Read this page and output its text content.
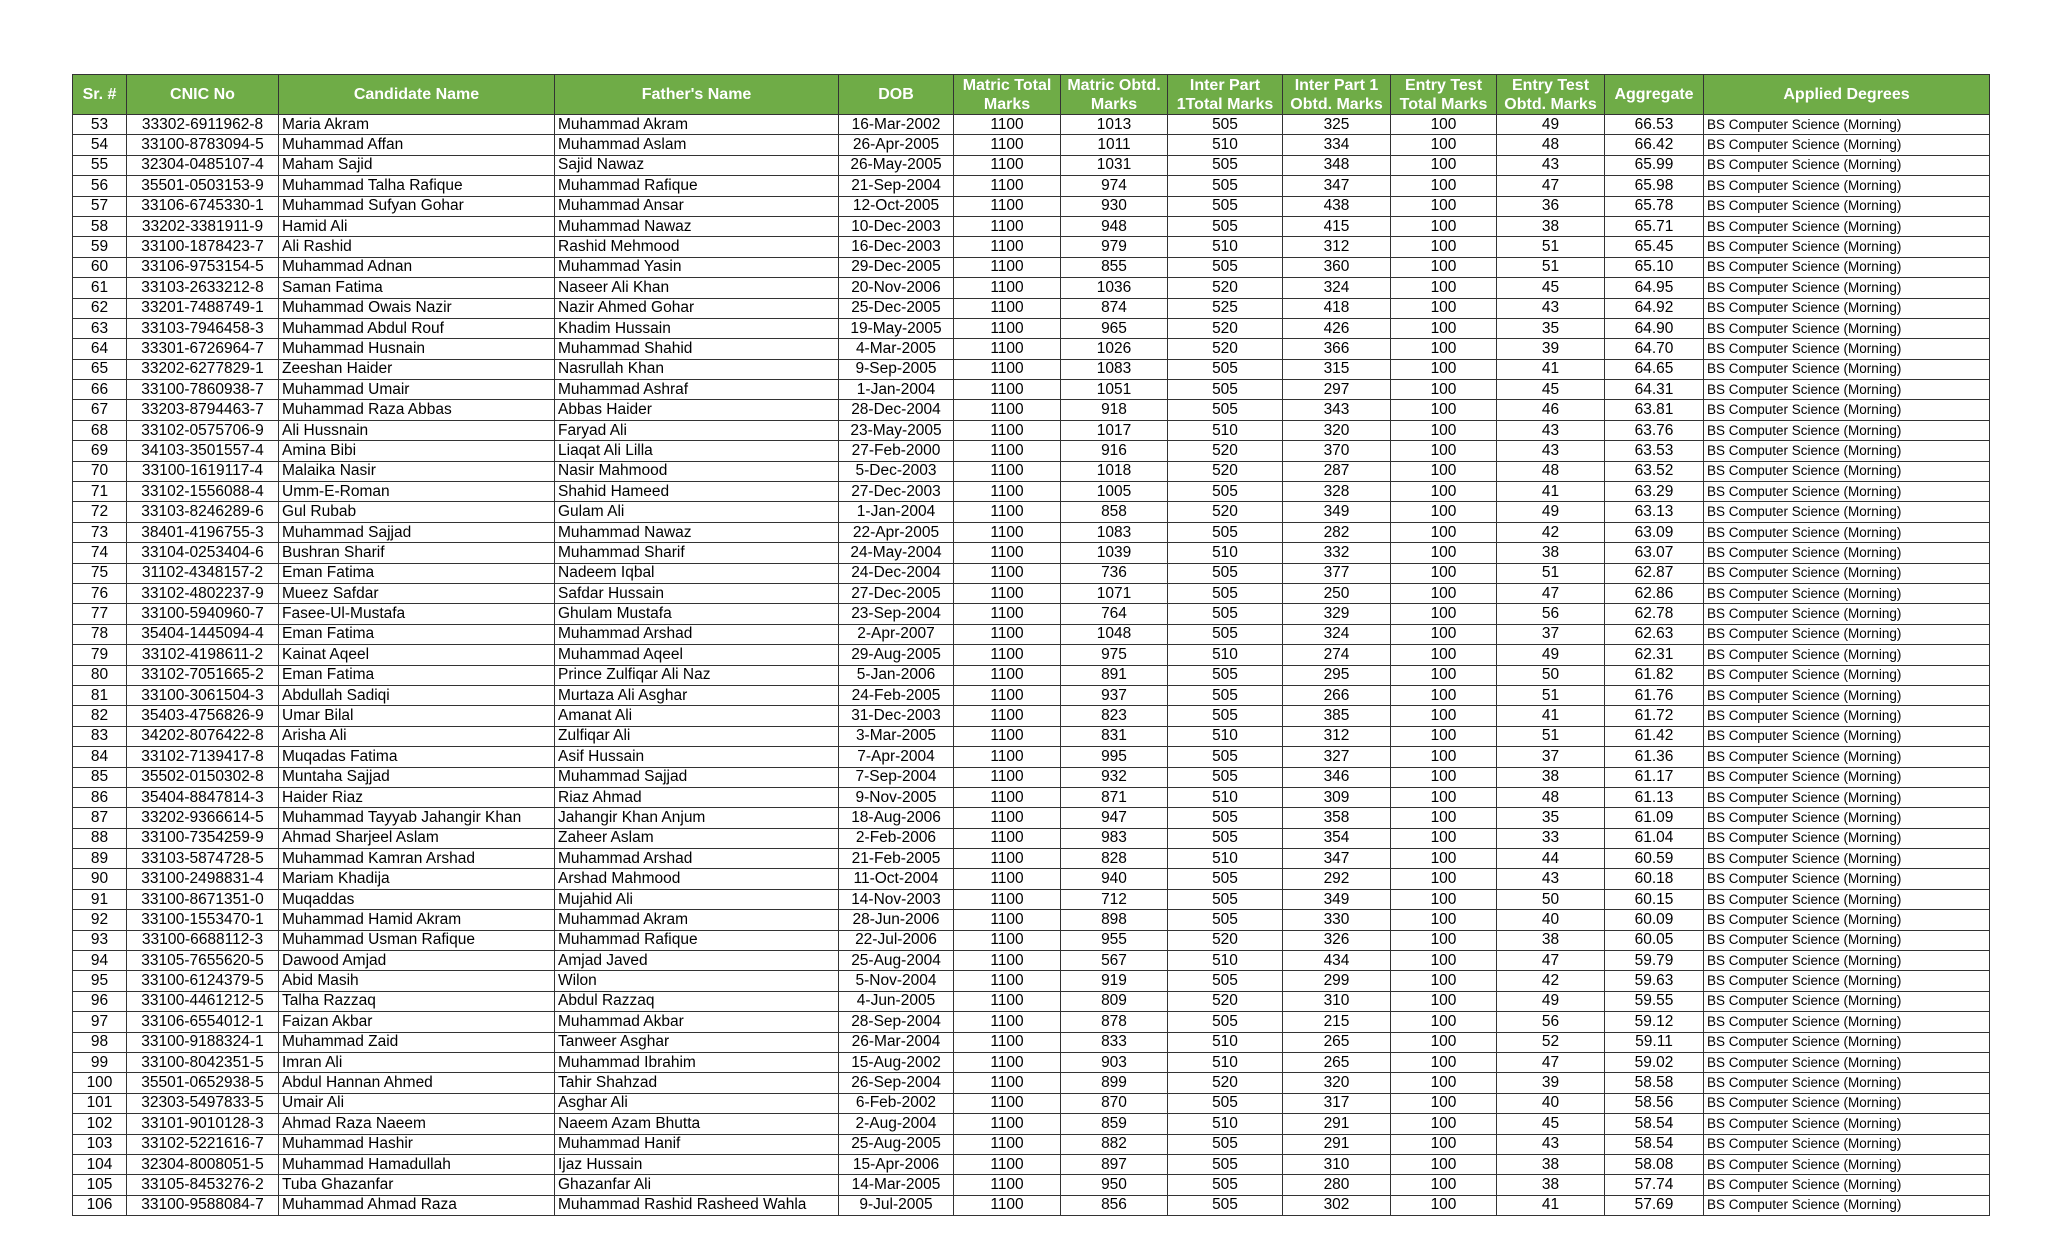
Sr. #	CNIC No	Candidate Name	Father's Name	DOB	Matric Total Marks	Matric Obtd. Marks	Inter Part 1Total Marks	Inter Part 1 Obtd. Marks	Entry Test Total Marks	Entry Test Obtd. Marks	Aggregate	Applied Degrees
53	33302-6911962-8	Maria Akram	Muhammad Akram	16-Mar-2002	1100	1013	505	325	100	49	66.53	BS Computer Science (Morning)
54	33100-8783094-5	Muhammad Affan	Muhammad Aslam	26-Apr-2005	1100	1011	510	334	100	48	66.42	BS Computer Science (Morning)
55	32304-0485107-4	Maham Sajid	Sajid Nawaz	26-May-2005	1100	1031	505	348	100	43	65.99	BS Computer Science (Morning)
56	35501-0503153-9	Muhammad Talha Rafique	Muhammad Rafique	21-Sep-2004	1100	974	505	347	100	47	65.98	BS Computer Science (Morning)
57	33106-6745330-1	Muhammad Sufyan Gohar	Muhammad Ansar	12-Oct-2005	1100	930	505	438	100	36	65.78	BS Computer Science (Morning)
58	33202-3381911-9	Hamid Ali	Muhammad Nawaz	10-Dec-2003	1100	948	505	415	100	38	65.71	BS Computer Science (Morning)
59	33100-1878423-7	Ali Rashid	Rashid Mehmood	16-Dec-2003	1100	979	510	312	100	51	65.45	BS Computer Science (Morning)
60	33106-9753154-5	Muhammad Adnan	Muhammad Yasin	29-Dec-2005	1100	855	505	360	100	51	65.10	BS Computer Science (Morning)
61	33103-2633212-8	Saman Fatima	Naseer Ali Khan	20-Nov-2006	1100	1036	520	324	100	45	64.95	BS Computer Science (Morning)
62	33201-7488749-1	Muhammad Owais Nazir	Nazir Ahmed Gohar	25-Dec-2005	1100	874	525	418	100	43	64.92	BS Computer Science (Morning)
63	33103-7946458-3	Muhammad Abdul Rouf	Khadim Hussain	19-May-2005	1100	965	520	426	100	35	64.90	BS Computer Science (Morning)
64	33301-6726964-7	Muhammad Husnain	Muhammad Shahid	4-Mar-2005	1100	1026	520	366	100	39	64.70	BS Computer Science (Morning)
65	33202-6277829-1	Zeeshan Haider	Nasrullah Khan	9-Sep-2005	1100	1083	505	315	100	41	64.65	BS Computer Science (Morning)
66	33100-7860938-7	Muhammad Umair	Muhammad Ashraf	1-Jan-2004	1100	1051	505	297	100	45	64.31	BS Computer Science (Morning)
67	33203-8794463-7	Muhammad Raza Abbas	Abbas Haider	28-Dec-2004	1100	918	505	343	100	46	63.81	BS Computer Science (Morning)
68	33102-0575706-9	Ali Hussnain	Faryad Ali	23-May-2005	1100	1017	510	320	100	43	63.76	BS Computer Science (Morning)
69	34103-3501557-4	Amina Bibi	Liaqat Ali Lilla	27-Feb-2000	1100	916	520	370	100	43	63.53	BS Computer Science (Morning)
70	33100-1619117-4	Malaika Nasir	Nasir Mahmood	5-Dec-2003	1100	1018	520	287	100	48	63.52	BS Computer Science (Morning)
71	33102-1556088-4	Umm-E-Roman	Shahid Hameed	27-Dec-2003	1100	1005	505	328	100	41	63.29	BS Computer Science (Morning)
72	33103-8246289-6	Gul Rubab	Gulam Ali	1-Jan-2004	1100	858	520	349	100	49	63.13	BS Computer Science (Morning)
73	38401-4196755-3	Muhammad Sajjad	Muhammad Nawaz	22-Apr-2005	1100	1083	505	282	100	42	63.09	BS Computer Science (Morning)
74	33104-0253404-6	Bushran Sharif	Muhammad Sharif	24-May-2004	1100	1039	510	332	100	38	63.07	BS Computer Science (Morning)
75	31102-4348157-2	Eman Fatima	Nadeem Iqbal	24-Dec-2004	1100	736	505	377	100	51	62.87	BS Computer Science (Morning)
76	33102-4802237-9	Mueez Safdar	Safdar Hussain	27-Dec-2005	1100	1071	505	250	100	47	62.86	BS Computer Science (Morning)
77	33100-5940960-7	Fasee-Ul-Mustafa	Ghulam Mustafa	23-Sep-2004	1100	764	505	329	100	56	62.78	BS Computer Science (Morning)
78	35404-1445094-4	Eman Fatima	Muhammad Arshad	2-Apr-2007	1100	1048	505	324	100	37	62.63	BS Computer Science (Morning)
79	33102-4198611-2	Kainat Aqeel	Muhammad Aqeel	29-Aug-2005	1100	975	510	274	100	49	62.31	BS Computer Science (Morning)
80	33102-7051665-2	Eman Fatima	Prince Zulfiqar Ali Naz	5-Jan-2006	1100	891	505	295	100	50	61.82	BS Computer Science (Morning)
81	33100-3061504-3	Abdullah Sadiqi	Murtaza Ali Asghar	24-Feb-2005	1100	937	505	266	100	51	61.76	BS Computer Science (Morning)
82	35403-4756826-9	Umar Bilal	Amanat Ali	31-Dec-2003	1100	823	505	385	100	41	61.72	BS Computer Science (Morning)
83	34202-8076422-8	Arisha Ali	Zulfiqar Ali	3-Mar-2005	1100	831	510	312	100	51	61.42	BS Computer Science (Morning)
84	33102-7139417-8	Muqadas Fatima	Asif Hussain	7-Apr-2004	1100	995	505	327	100	37	61.36	BS Computer Science (Morning)
85	35502-0150302-8	Muntaha Sajjad	Muhammad Sajjad	7-Sep-2004	1100	932	505	346	100	38	61.17	BS Computer Science (Morning)
86	35404-8847814-3	Haider Riaz	Riaz Ahmad	9-Nov-2005	1100	871	510	309	100	48	61.13	BS Computer Science (Morning)
87	33202-9366614-5	Muhammad Tayyab Jahangir Khan	Jahangir Khan Anjum	18-Aug-2006	1100	947	505	358	100	35	61.09	BS Computer Science (Morning)
88	33100-7354259-9	Ahmad Sharjeel Aslam	Zaheer Aslam	2-Feb-2006	1100	983	505	354	100	33	61.04	BS Computer Science (Morning)
89	33103-5874728-5	Muhammad Kamran Arshad	Muhammad Arshad	21-Feb-2005	1100	828	510	347	100	44	60.59	BS Computer Science (Morning)
90	33100-2498831-4	Mariam Khadija	Arshad Mahmood	11-Oct-2004	1100	940	505	292	100	43	60.18	BS Computer Science (Morning)
91	33100-8671351-0	Muqaddas	Mujahid Ali	14-Nov-2003	1100	712	505	349	100	50	60.15	BS Computer Science (Morning)
92	33100-1553470-1	Muhammad Hamid Akram	Muhammad Akram	28-Jun-2006	1100	898	505	330	100	40	60.09	BS Computer Science (Morning)
93	33100-6688112-3	Muhammad Usman Rafique	Muhammad Rafique	22-Jul-2006	1100	955	520	326	100	38	60.05	BS Computer Science (Morning)
94	33105-7655620-5	Dawood Amjad	Amjad Javed	25-Aug-2004	1100	567	510	434	100	47	59.79	BS Computer Science (Morning)
95	33100-6124379-5	Abid Masih	Wilon	5-Nov-2004	1100	919	505	299	100	42	59.63	BS Computer Science (Morning)
96	33100-4461212-5	Talha Razzaq	Abdul Razzaq	4-Jun-2005	1100	809	520	310	100	49	59.55	BS Computer Science (Morning)
97	33106-6554012-1	Faizan Akbar	Muhammad Akbar	28-Sep-2004	1100	878	505	215	100	56	59.12	BS Computer Science (Morning)
98	33100-9188324-1	Muhammad Zaid	Tanweer Asghar	26-Mar-2004	1100	833	510	265	100	52	59.11	BS Computer Science (Morning)
99	33100-8042351-5	Imran Ali	Muhammad Ibrahim	15-Aug-2002	1100	903	510	265	100	47	59.02	BS Computer Science (Morning)
100	35501-0652938-5	Abdul Hannan Ahmed	Tahir Shahzad	26-Sep-2004	1100	899	520	320	100	39	58.58	BS Computer Science (Morning)
101	32303-5497833-5	Umair Ali	Asghar Ali	6-Feb-2002	1100	870	505	317	100	40	58.56	BS Computer Science (Morning)
102	33101-9010128-3	Ahmad Raza Naeem	Naeem Azam Bhutta	2-Aug-2004	1100	859	510	291	100	45	58.54	BS Computer Science (Morning)
103	33102-5221616-7	Muhammad Hashir	Muhammad Hanif	25-Aug-2005	1100	882	505	291	100	43	58.54	BS Computer Science (Morning)
104	32304-8008051-5	Muhammad Hamadullah	Ijaz Hussain	15-Apr-2006	1100	897	505	310	100	38	58.08	BS Computer Science (Morning)
105	33105-8453276-2	Tuba Ghazanfar	Ghazanfar Ali	14-Mar-2005	1100	950	505	280	100	38	57.74	BS Computer Science (Morning)
106	33100-9588084-7	Muhammad Ahmad Raza	Muhammad Rashid Rasheed Wahla	9-Jul-2005	1100	856	505	302	100	41	57.69	BS Computer Science (Morning)
